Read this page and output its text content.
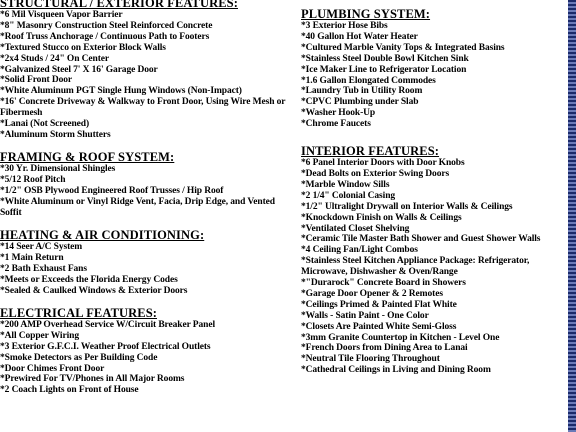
STRUCTURAL / EXTERIOR FEATURES:
*6 Mil Visqueen Vapor Barrier
*8" Masonry Construction Steel Reinforced Concrete
*Roof Truss Anchorage / Continuous Path to Footers
*Textured Stucco on Exterior Block Walls
*2x4 Studs / 24" On Center
*Galvanized Steel 7' X 16' Garage Door
*Solid Front Door
*White Aluminum PGT Single Hung Windows (Non-Impact)
*16' Concrete Driveway & Walkway to Front Door, Using Wire Mesh or Fibermesh
*Lanai (Not Screened)
*Aluminum Storm Shutters
FRAMING & ROOF SYSTEM:
*30 Yr. Dimensional Shingles
*5/12 Roof Pitch
*1/2" OSB Plywood Engineered Roof Trusses / Hip Roof
*White Aluminum or Vinyl Ridge Vent, Facia, Drip Edge, and Vented Soffit
HEATING & AIR CONDITIONING:
*14 Seer A/C System
*1 Main Return
*2 Bath Exhaust Fans
*Meets or Exceeds the Florida Energy Codes
*Sealed & Caulked Windows & Exterior Doors
ELECTRICAL FEATURES:
*200 AMP Overhead Service W/Circuit Breaker Panel
*All Copper Wiring
*3 Exterior G.F.C.I. Weather Proof Electrical Outlets
*Smoke Detectors as Per Building Code
*Door Chimes Front Door
*Prewired For TV/Phones in All Major Rooms
*2 Coach Lights on Front of House
PLUMBING SYSTEM:
*3 Exterior Hose Bibs
*40 Gallon Hot Water Heater
*Cultured Marble Vanity Tops & Integrated Basins
*Stainless Steel Double Bowl Kitchen Sink
*Ice Maker Line to Refrigerator Location
*1.6 Gallon Elongated Commodes
*Laundry Tub in Utility Room
*CPVC Plumbing under Slab
*Washer Hook-Up
*Chrome Faucets
INTERIOR FEATURES:
*6 Panel Interior Doors with Door Knobs
*Dead Bolts on Exterior Swing Doors
*Marble Window Sills
*2 1/4" Colonial Casing
*1/2" Ultralight Drywall on Interior Walls & Ceilings
*Knockdown Finish on Walls & Ceilings
*Ventilated Closet Shelving
*Ceramic Tile Master Bath Shower and Guest Shower Walls
*4 Ceiling Fan/Light Combos
*Stainless Steel Kitchen Appliance Package: Refrigerator, Microwave, Dishwasher & Oven/Range
*"Durarock" Concrete Board in Showers
*Garage Door Opener & 2 Remotes
*Ceilings Primed & Painted Flat White
*Walls - Satin Paint - One Color
*Closets Are Painted White Semi-Gloss
*3mm Granite Countertop in Kitchen - Level One
*French Doors from Dining Area to Lanai
*Neutral Tile Flooring Throughout
*Cathedral Ceilings in Living and Dining Room
